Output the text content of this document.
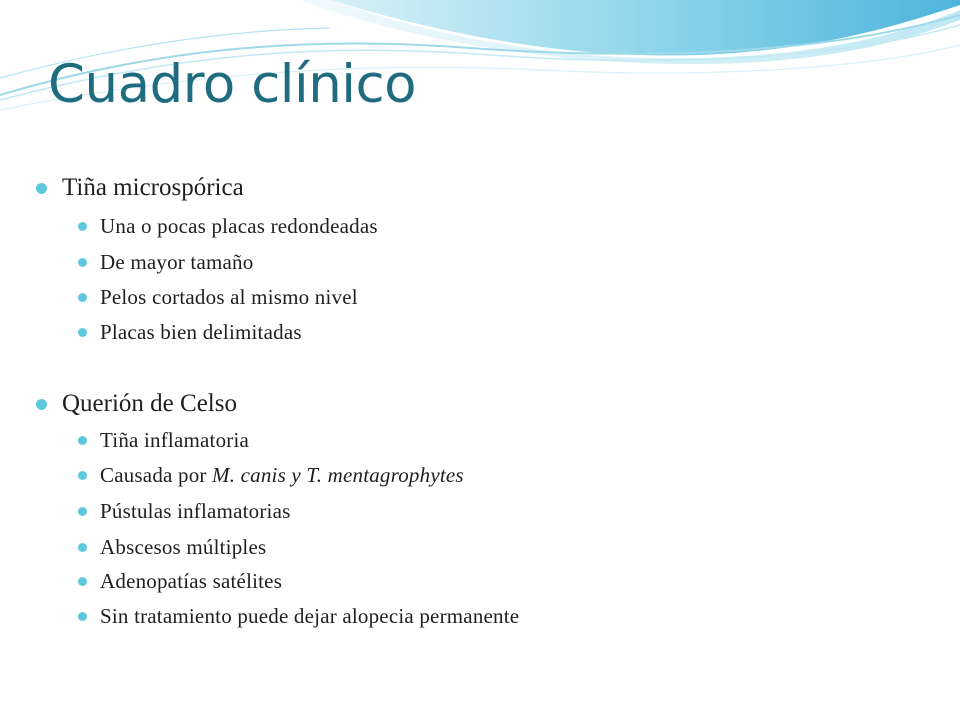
Cuadro clínico
Tiña microspórica
Una o pocas placas redondeadas
De mayor tamaño
Pelos cortados al mismo nivel
Placas bien delimitadas
Querión de Celso
Tiña inflamatoria
Causada por M. canis y T. mentagrophytes
Pústulas inflamatorias
Abscesos múltiples
Adenopatías satélites
Sin tratamiento puede dejar alopecia permanente
